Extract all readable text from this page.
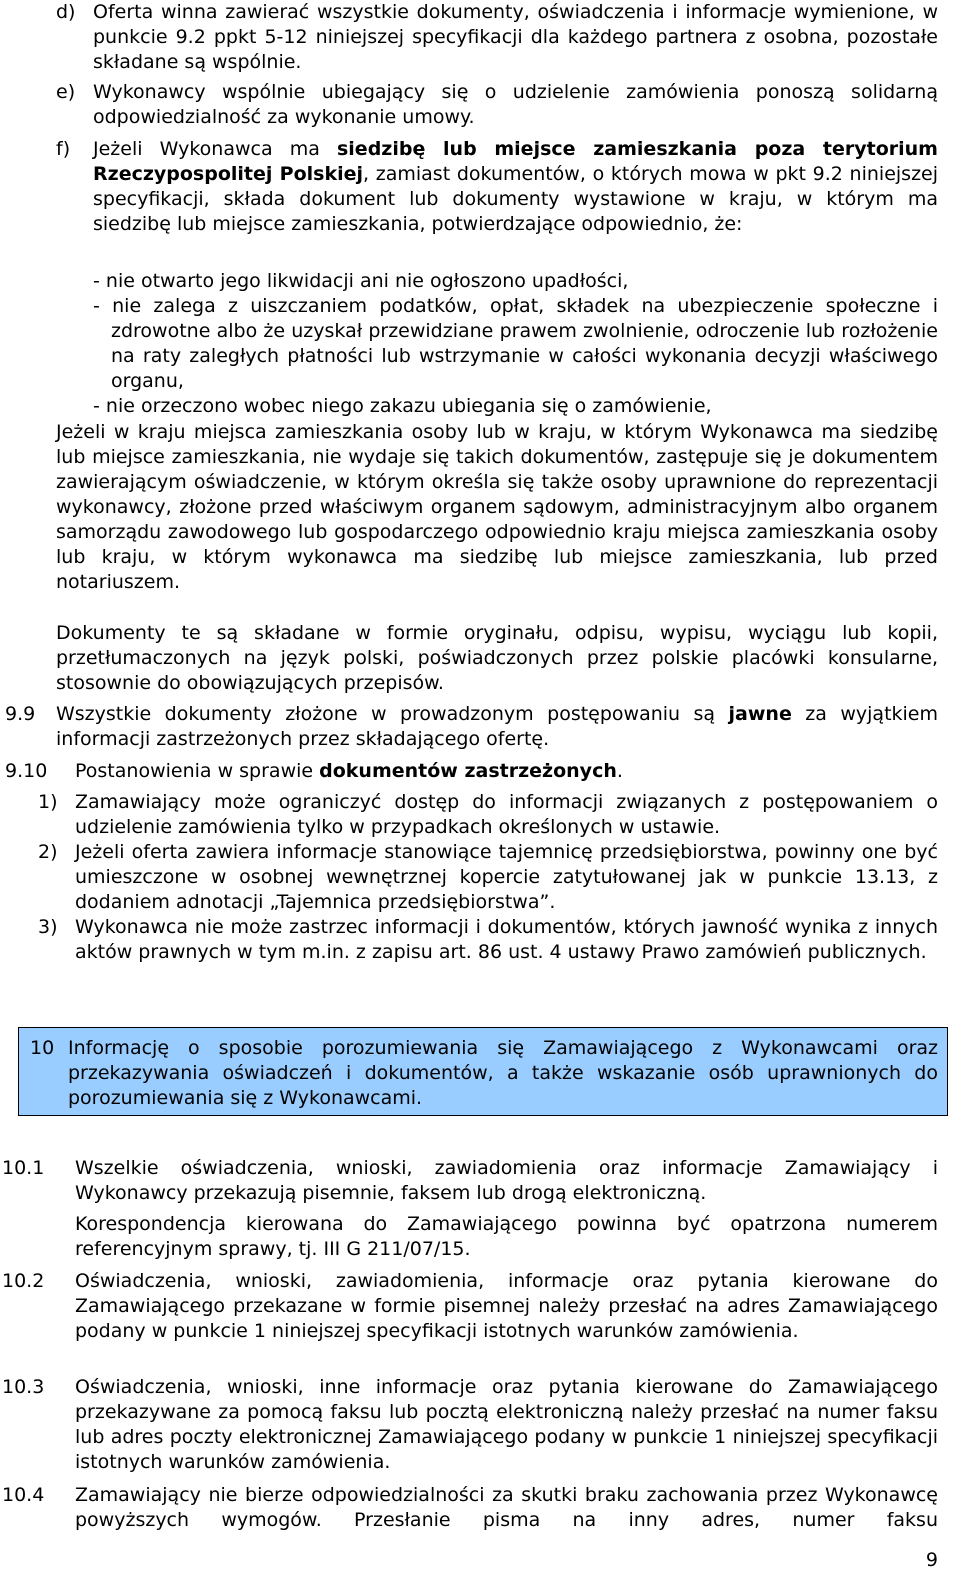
d) Oferta winna zawierać wszystkie dokumenty, oświadczenia i informacje wymienione, w punkcie 9.2 ppkt 5-12 niniejszej specyfikacji dla każdego partnera z osobna, pozostałe składane są wspólnie.
e) Wykonawcy wspólnie ubiegający się o udzielenie zamówienia ponoszą solidarną odpowiedzialność za wykonanie umowy.
f) Jeżeli Wykonawca ma siedzibę lub miejsce zamieszkania poza terytorium Rzeczypospolitej Polskiej, zamiast dokumentów, o których mowa w pkt 9.2 niniejszej specyfikacji, składa dokument lub dokumenty wystawione w kraju, w którym ma siedzibę lub miejsce zamieszkania, potwierdzające odpowiednio, że:
- nie otwarto jego likwidacji ani nie ogłoszono upadłości,
- nie zalega z uiszczaniem podatków, opłat, składek na ubezpieczenie społeczne i zdrowotne albo że uzyskał przewidziane prawem zwolnienie, odroczenie lub rozłożenie na raty zaległych płatności lub wstrzymanie w całości wykonania decyzji właściwego organu,
- nie orzeczono wobec niego zakazu ubiegania się o zamówienie,
Jeżeli w kraju miejsca zamieszkania osoby lub w kraju, w którym Wykonawca ma siedzibę lub miejsce zamieszkania, nie wydaje się takich dokumentów, zastępuje się je dokumentem zawierającym oświadczenie, w którym określa się także osoby uprawnione do reprezentacji wykonawcy, złożone przed właściwym organem sądowym, administracyjnym albo organem samorządu zawodowego lub gospodarczego odpowiednio kraju miejsca zamieszkania osoby lub kraju, w którym wykonawca ma siedzibę lub miejsce zamieszkania, lub przed notariuszem.
Dokumenty te są składane w formie oryginału, odpisu, wypisu, wyciągu lub kopii, przetłumaczonych na język polski, poświadczonych przez polskie placówki konsularne, stosownie do obowiązujących przepisów.
9.9 Wszystkie dokumenty złożone w prowadzonym postępowaniu są jawne za wyjątkiem informacji zastrzeżonych przez składającego ofertę.
9.10 Postanowienia w sprawie dokumentów zastrzeżonych.
1) Zamawiający może ograniczyć dostęp do informacji związanych z postępowaniem o udzielenie zamówienia tylko w przypadkach określonych w ustawie.
2) Jeżeli oferta zawiera informacje stanowiące tajemnicę przedsiębiorstwa, powinny one być umieszczone w osobnej wewnętrznej kopercie zatytułowanej jak w punkcie 13.13, z dodaniem adnotacji „Tajemnica przedsiębiorstwa”.
3) Wykonawca nie może zastrzec informacji i dokumentów, których jawność wynika z innych aktów prawnych w tym m.in. z zapisu art. 86 ust. 4 ustawy Prawo zamówień publicznych.
10 Informację o sposobie porozumiewania się Zamawiającego z Wykonawcami oraz przekazywania oświadczeń i dokumentów, a także wskazanie osób uprawnionych do porozumiewania się z Wykonawcami.
10.1 Wszelkie oświadczenia, wnioski, zawiadomienia oraz informacje Zamawiający i Wykonawcy przekazują pisemnie, faksem lub drogą elektroniczną.
Korespondencja kierowana do Zamawiającego powinna być opatrzona numerem referencyjnym sprawy, tj. III G 211/07/15.
10.2 Oświadczenia, wnioski, zawiadomienia, informacje oraz pytania kierowane do Zamawiającego przekazane w formie pisemnej należy przesłać na adres Zamawiającego podany w punkcie 1 niniejszej specyfikacji istotnych warunków zamówienia.
10.3 Oświadczenia, wnioski, inne informacje oraz pytania kierowane do Zamawiającego przekazywane za pomocą faksu lub pocztą elektroniczną należy przesłać na numer faksu lub adres poczty elektronicznej Zamawiającego podany w punkcie 1 niniejszej specyfikacji istotnych warunków zamówienia.
10.4 Zamawiający nie bierze odpowiedzialności za skutki braku zachowania przez Wykonawcę powyższych wymogów. Przesłanie pisma na inny adres, numer faksu
9
